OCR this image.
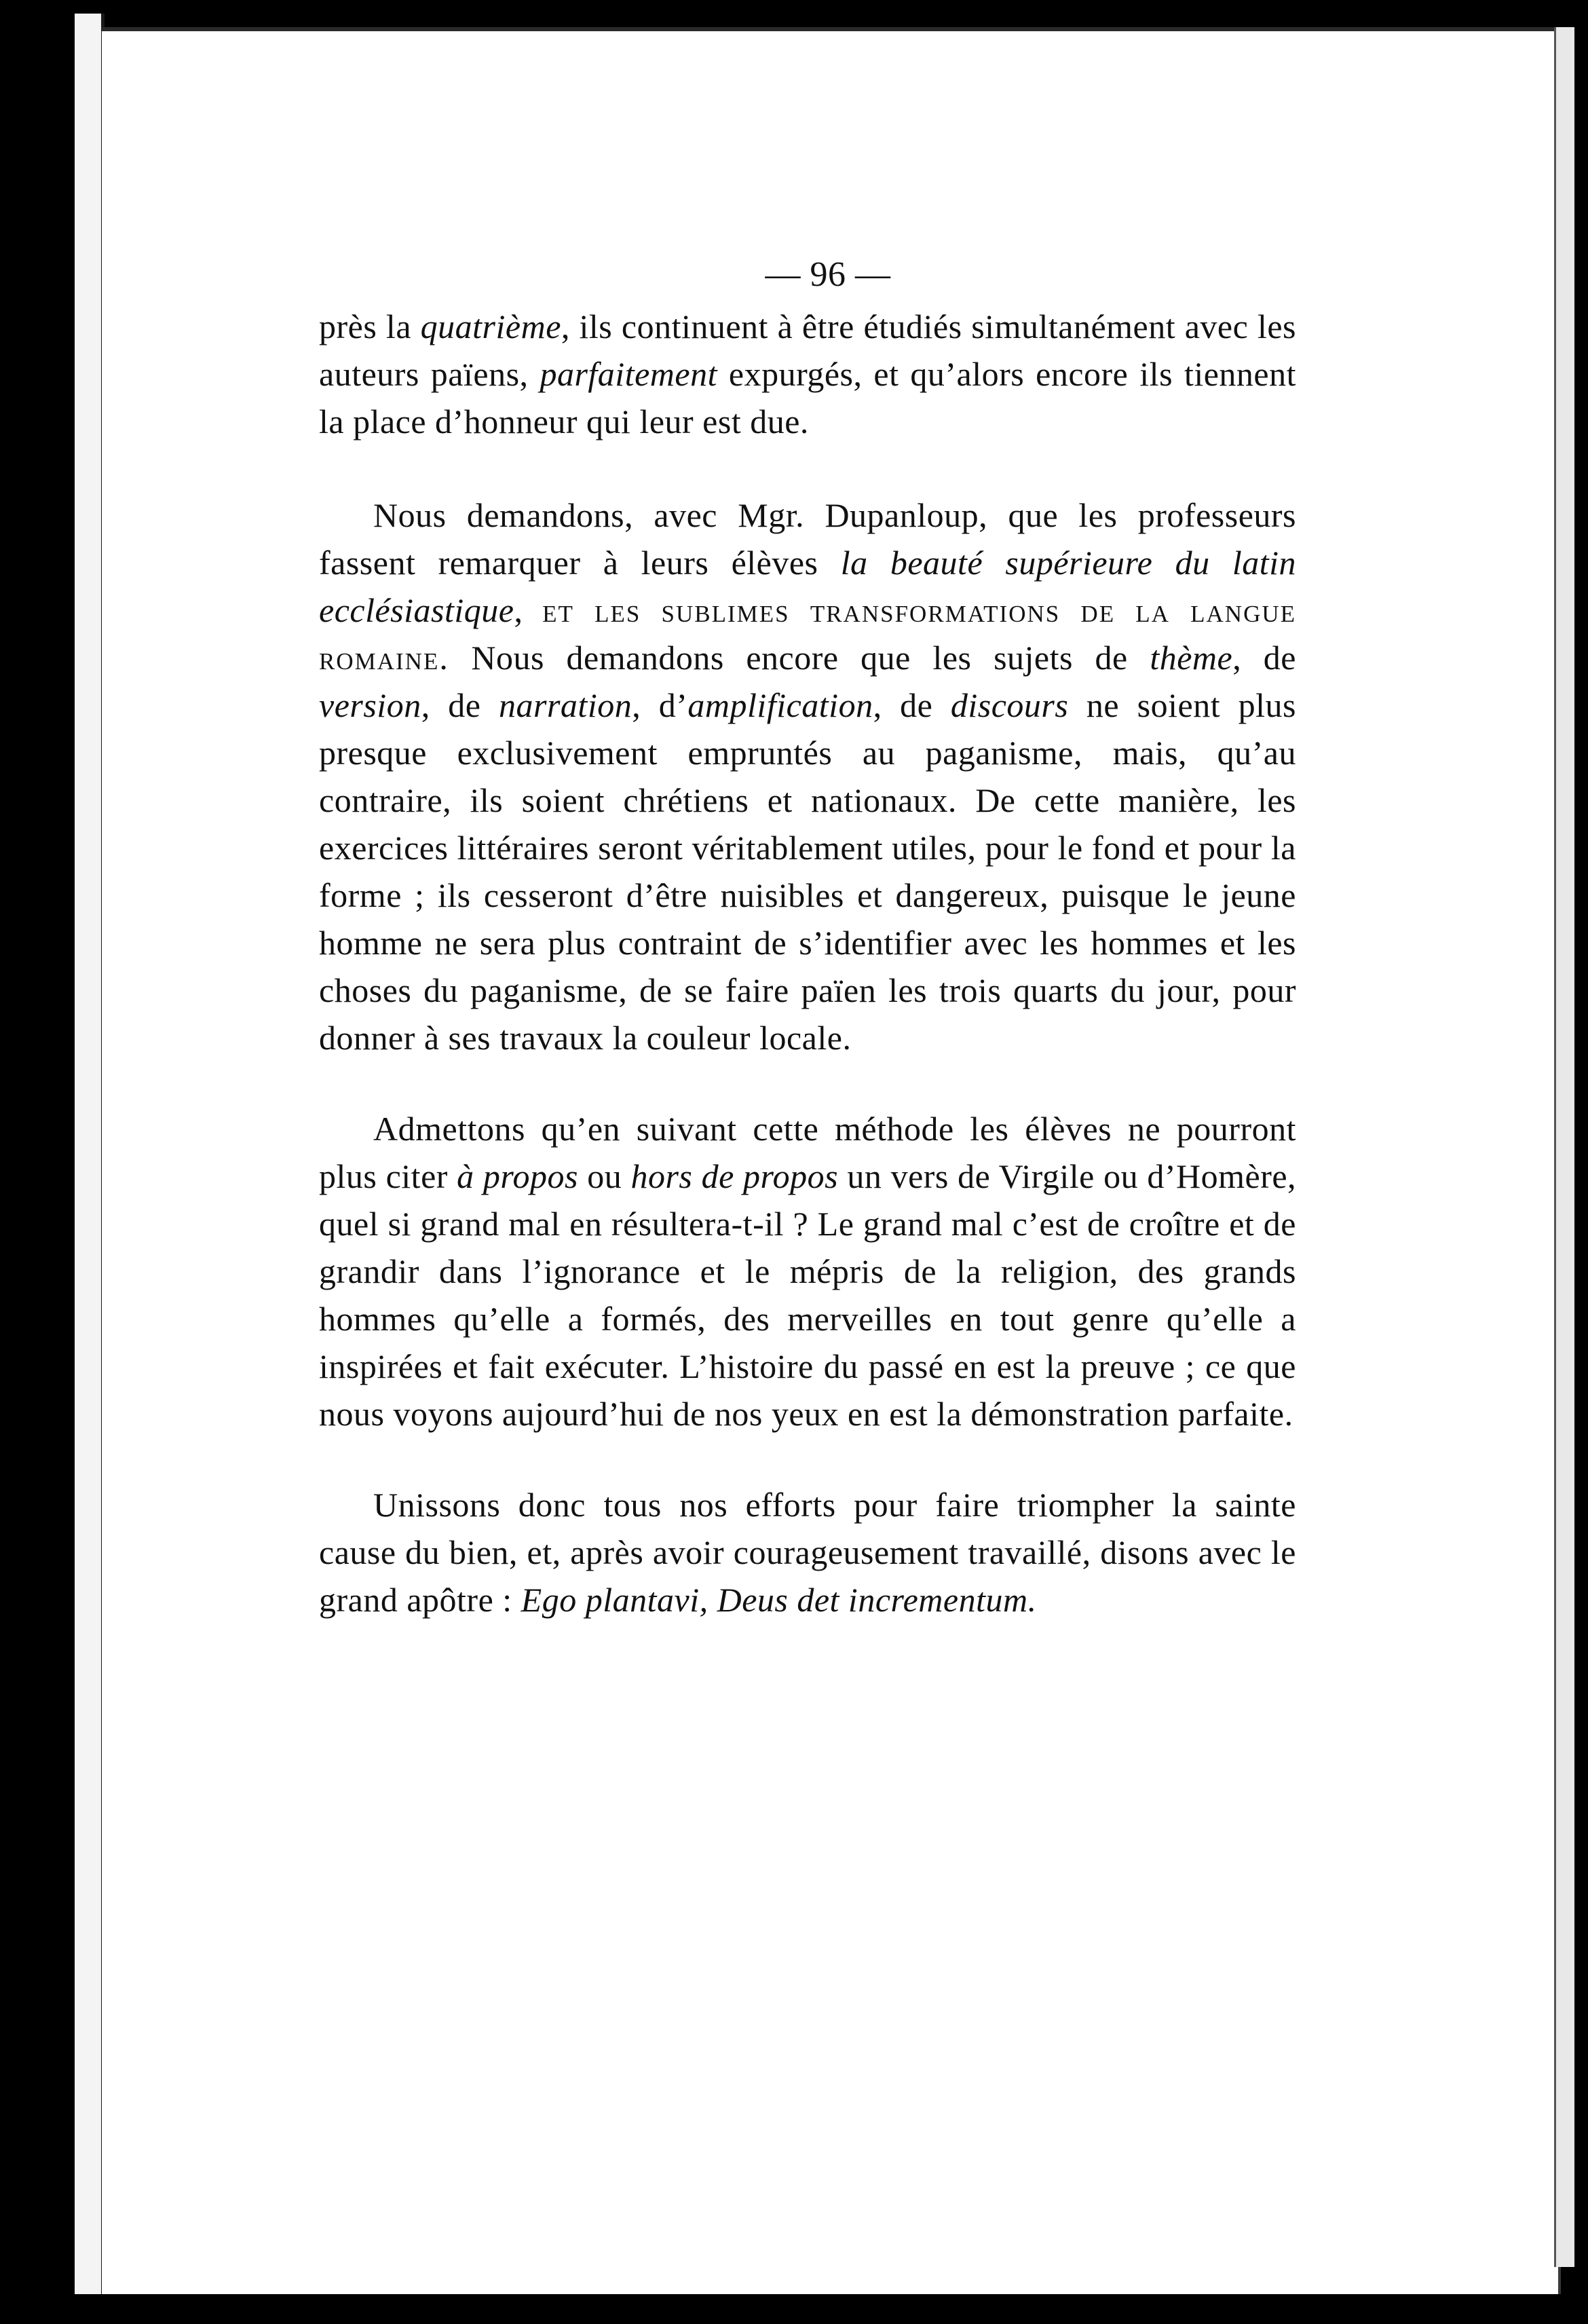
— 96 —

près la quatrième, ils continuent à être étudiés simultanément avec les auteurs païens, parfaitement expurgés, et qu’alors encore ils tiennent la place d’honneur qui leur est due.

Nous demandons, avec Mgr. Dupanloup, que les professeurs fassent remarquer à leurs élèves la beauté supérieure du latin ecclésiastique, et les sublimes transformations de la langue romaine. Nous demandons encore que les sujets de thème, de version, de narration, d’amplification, de discours ne soient plus presque exclusivement empruntés au paganisme, mais, qu’au contraire, ils soient chrétiens et nationaux. De cette manière, les exercices littéraires seront véritablement utiles, pour le fond et pour la forme ; ils cesseront d’être nuisibles et dangereux, puisque le jeune homme ne sera plus contraint de s’identifier avec les hommes et les choses du paganisme, de se faire païen les trois quarts du jour, pour donner à ses travaux la couleur locale.

Admettons qu’en suivant cette méthode les élèves ne pourront plus citer à propos ou hors de propos un vers de Virgile ou d’Homère, quel si grand mal en résultera-t-il ? Le grand mal c’est de croître et de grandir dans l’ignorance et le mépris de la religion, des grands hommes qu’elle a formés, des merveilles en tout genre qu’elle a inspirées et fait exécuter. L’histoire du passé en est la preuve ; ce que nous voyons aujourd’hui de nos yeux en est la démonstration parfaite.

Unissons donc tous nos efforts pour faire triompher la sainte cause du bien, et, après avoir courageusement travaillé, disons avec le grand apôtre : Ego plantavi, Deus det incrementum.
